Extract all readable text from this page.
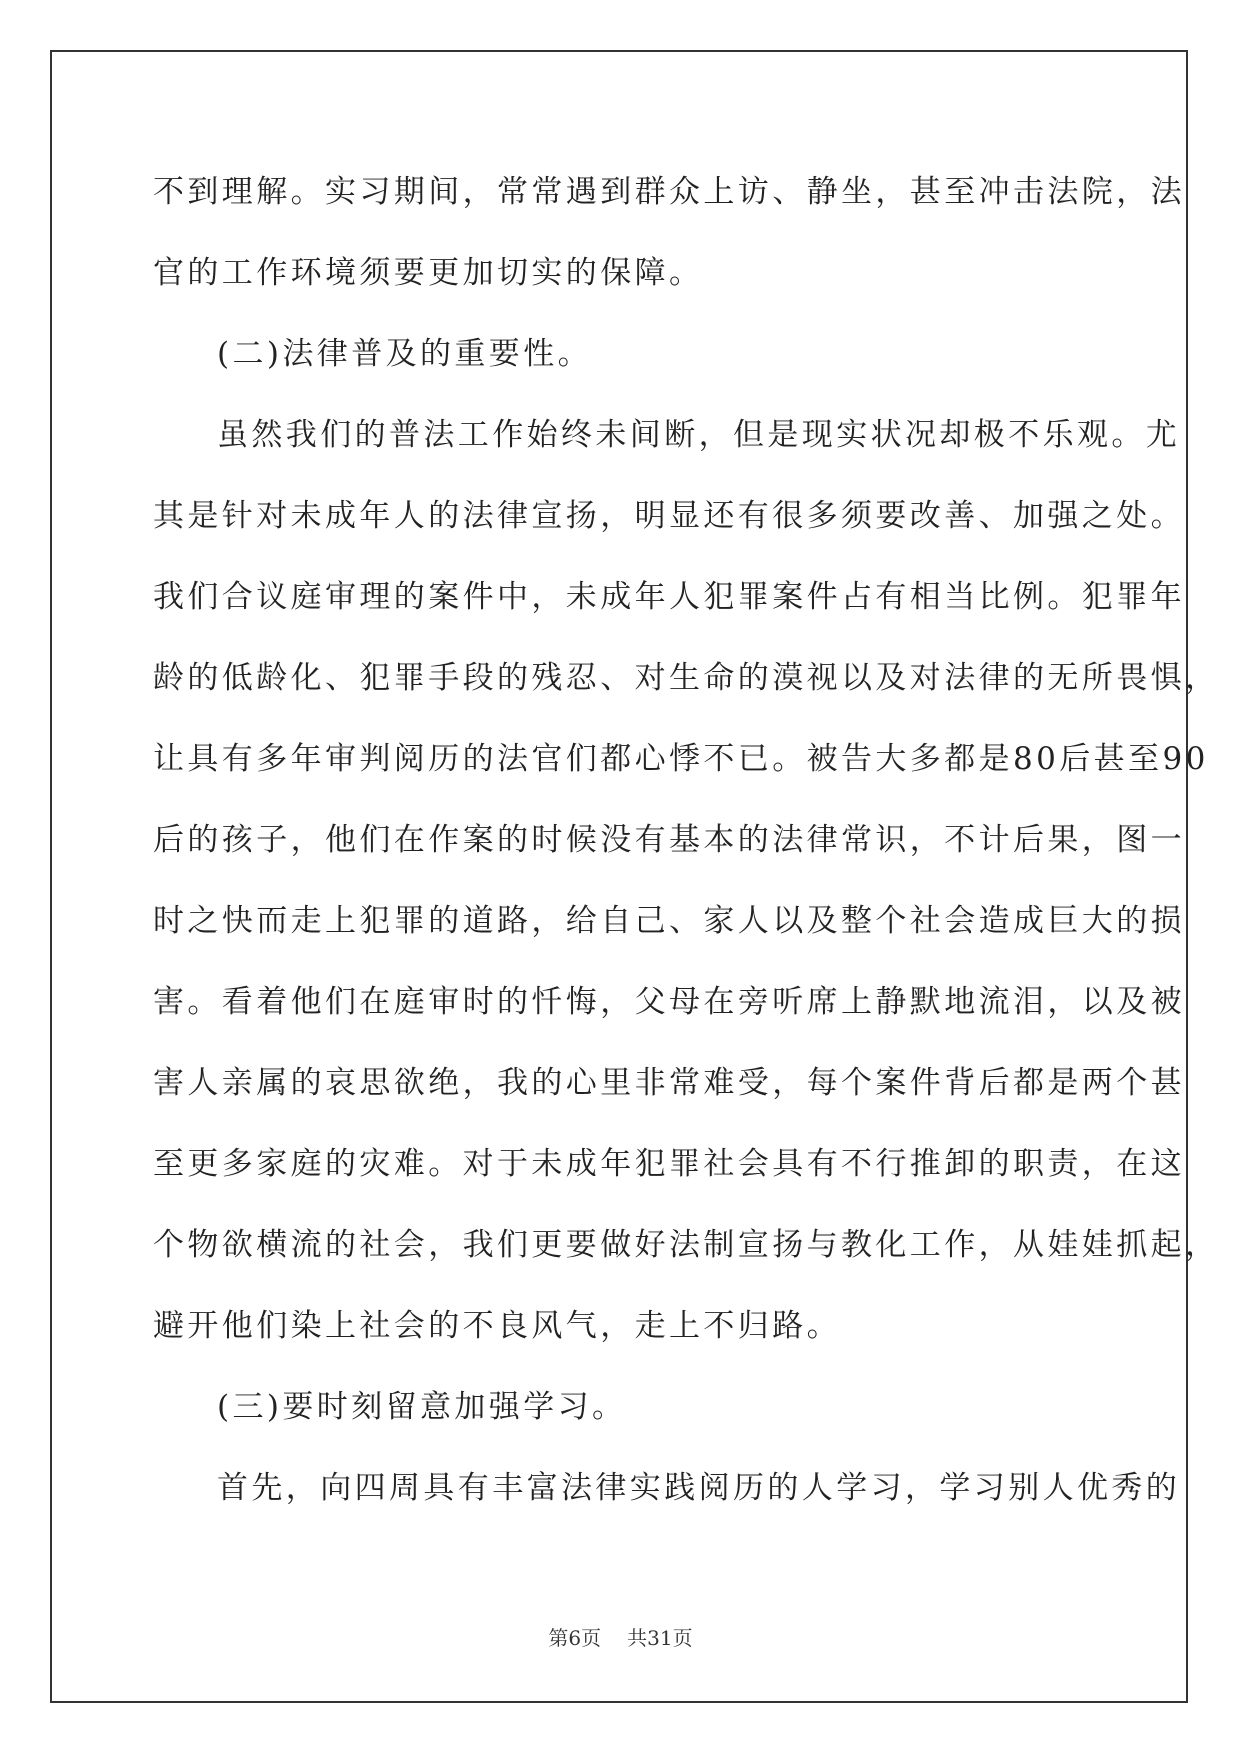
不到理解。实习期间，常常遇到群众上访、静坐，甚至冲击法院，法
官的工作环境须要更加切实的保障。
(二)法律普及的重要性。
虽然我们的普法工作始终未间断，但是现实状况却极不乐观。尤
其是针对未成年人的法律宣扬，明显还有很多须要改善、加强之处。
我们合议庭审理的案件中，未成年人犯罪案件占有相当比例。犯罪年
龄的低龄化、犯罪手段的残忍、对生命的漠视以及对法律的无所畏惧，
让具有多年审判阅历的法官们都心悸不已。被告大多都是80后甚至90
后的孩子，他们在作案的时候没有基本的法律常识，不计后果，图一
时之快而走上犯罪的道路，给自己、家人以及整个社会造成巨大的损
害。看着他们在庭审时的忏悔，父母在旁听席上静默地流泪，以及被
害人亲属的哀思欲绝，我的心里非常难受，每个案件背后都是两个甚
至更多家庭的灾难。对于未成年犯罪社会具有不行推卸的职责，在这
个物欲横流的社会，我们更要做好法制宣扬与教化工作，从娃娃抓起，
避开他们染上社会的不良风气，走上不归路。
(三)要时刻留意加强学习。
首先，向四周具有丰富法律实践阅历的人学习，学习别人优秀的
第6页 共31页
